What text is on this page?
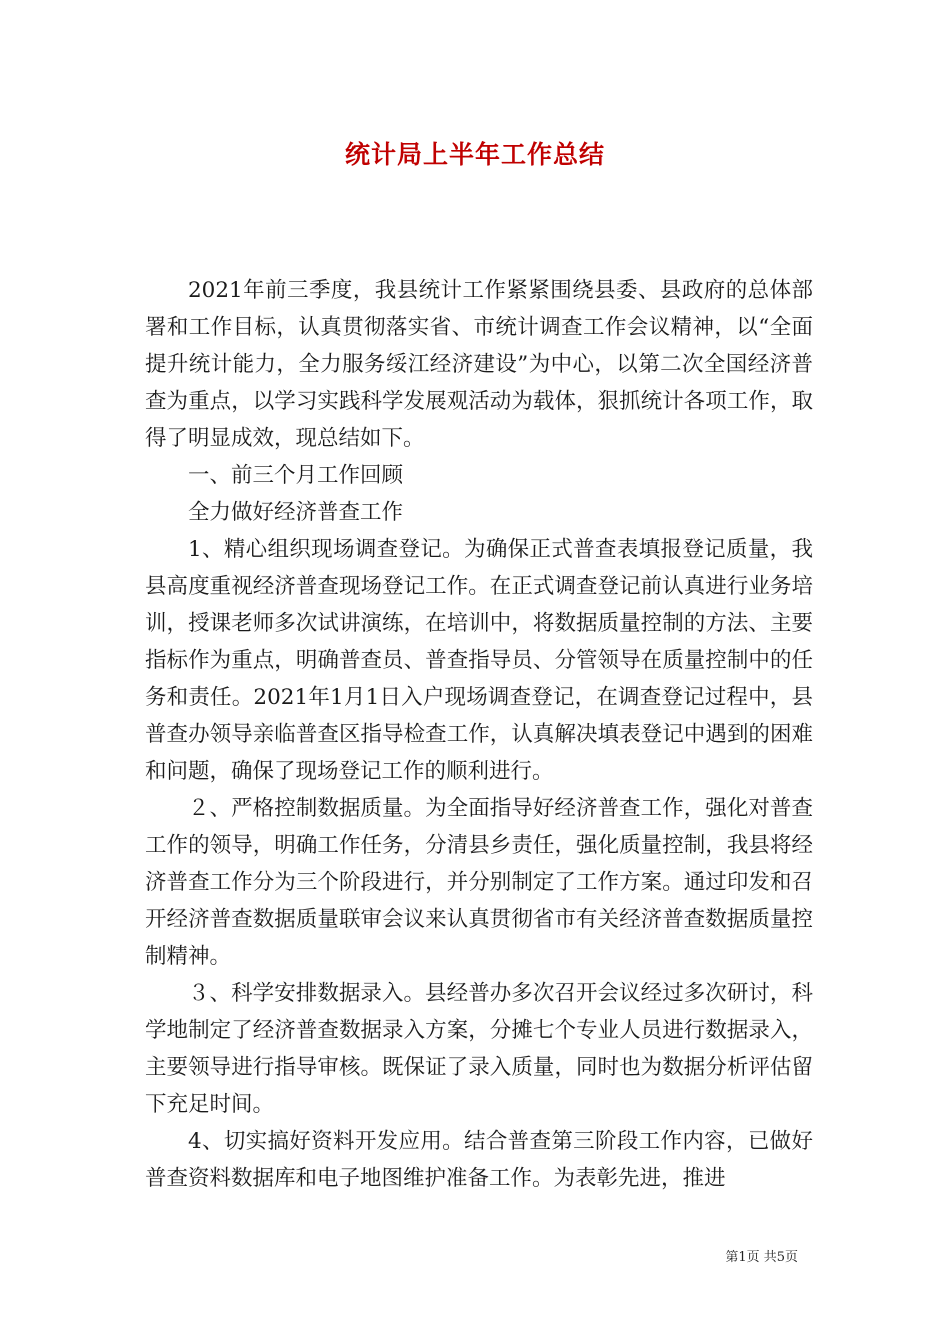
统计局上半年工作总结

2021年前三季度，我县统计工作紧紧围绕县委、县政府的总体部署和工作目标，认真贯彻落实省、市统计调查工作会议精神，以“全面提升统计能力，全力服务绥江经济建设”为中心，以第二次全国经济普查为重点，以学习实践科学发展观活动为载体，狠抓统计各项工作，取得了明显成效，现总结如下。

一、前三个月工作回顾

全力做好经济普查工作

1、精心组织现场调查登记。为确保正式普查表填报登记质量，我县高度重视经济普查现场登记工作。在正式调查登记前认真进行业务培训，授课老师多次试讲演练，在培训中，将数据质量控制的方法、主要指标作为重点，明确普查员、普查指导员、分管领导在质量控制中的任务和责任。2021年1月1日入户现场调查登记，在调查登记过程中，县普查办领导亲临普查区指导检查工作，认真解决填表登记中遇到的困难和问题，确保了现场登记工作的顺利进行。

２、严格控制数据质量。为全面指导好经济普查工作，强化对普查工作的领导，明确工作任务，分清县乡责任，强化质量控制，我县将经济普查工作分为三个阶段进行，并分别制定了工作方案。通过印发和召开经济普查数据质量联审会议来认真贯彻省市有关经济普查数据质量控制精神。

３、科学安排数据录入。县经普办多次召开会议经过多次研讨，科学地制定了经济普查数据录入方案，分摊七个专业人员进行数据录入，主要领导进行指导审核。既保证了录入质量，同时也为数据分析评估留下充足时间。

4、切实搞好资料开发应用。结合普查第三阶段工作内容，已做好普查资料数据库和电子地图维护准备工作。为表彰先进，推进

第1页 共5页
